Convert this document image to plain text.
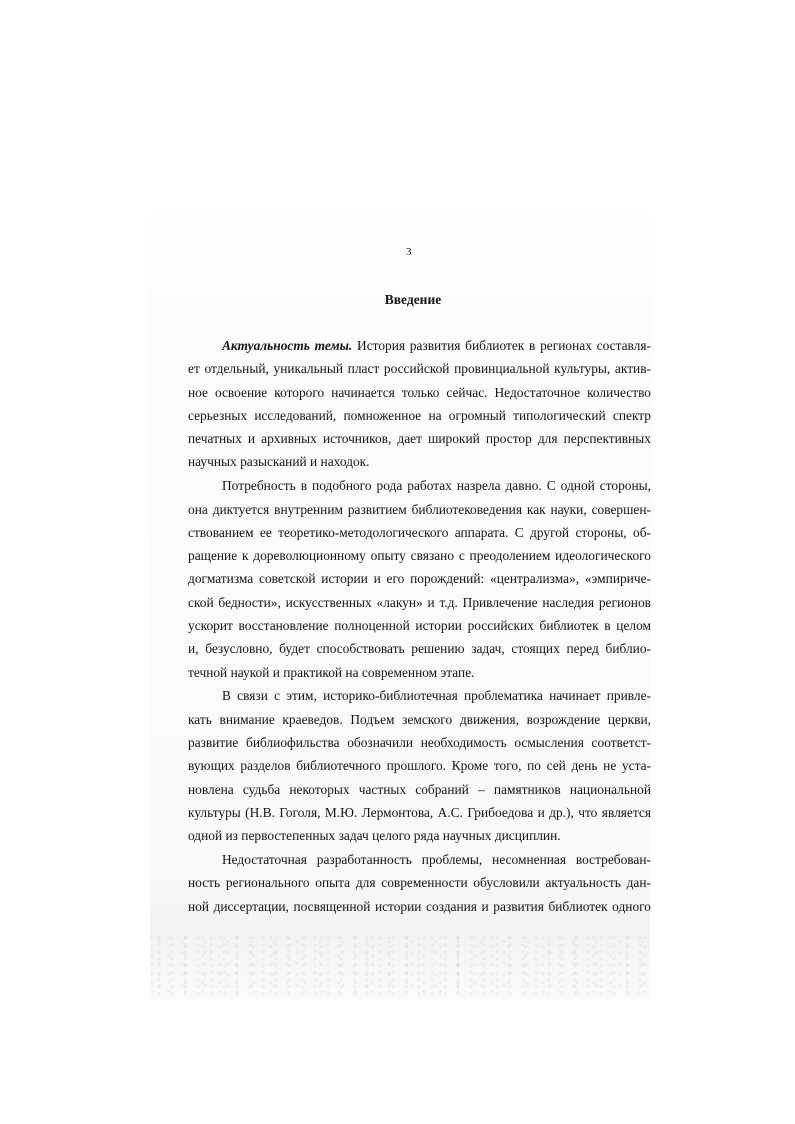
3
Введение
Актуальность темы. История развития библиотек в регионах составля-
ет отдельный, уникальный пласт российской провинциальной культуры, актив-
ное освоение которого начинается только сейчас. Недостаточное количество
серьезных исследований, помноженное на огромный типологический спектр
печатных и архивных источников, дает широкий простор для перспективных
научных разысканий и находок.
Потребность в подобного рода работах назрела давно. С одной стороны,
она диктуется внутренним развитием библиотековедения как науки, совершен-
ствованием ее теоретико-методологического аппарата. С другой стороны, об-
ращение к дореволюционному опыту связано с преодолением идеологического
догматизма советской истории и его порождений: «централизма», «эмпириче-
ской бедности», искусственных «лакун» и т.д. Привлечение наследия регионов
ускорит восстановление полноценной истории российских библиотек в целом
и, безусловно, будет способствовать решению задач, стоящих перед библио-
течной наукой и практикой на современном этапе.
В связи с этим, историко-библиотечная проблематика начинает привле-
кать внимание краеведов. Подъем земского движения, возрождение церкви,
развитие библиофильства обозначили необходимость осмысления соответст-
вующих разделов библиотечного прошлого. Кроме того, по сей день не уста-
новлена судьба некоторых частных собраний – памятников национальной
культуры (Н.В. Гоголя, М.Ю. Лермонтова, А.С. Грибоедова и др.), что является
одной из первостепенных задач целого ряда научных дисциплин.
Недостаточная разработанность проблемы, несомненная востребован-
ность регионального опыта для современности обусловили актуальность дан-
ной диссертации, посвященной истории создания и развития библиотек одного
